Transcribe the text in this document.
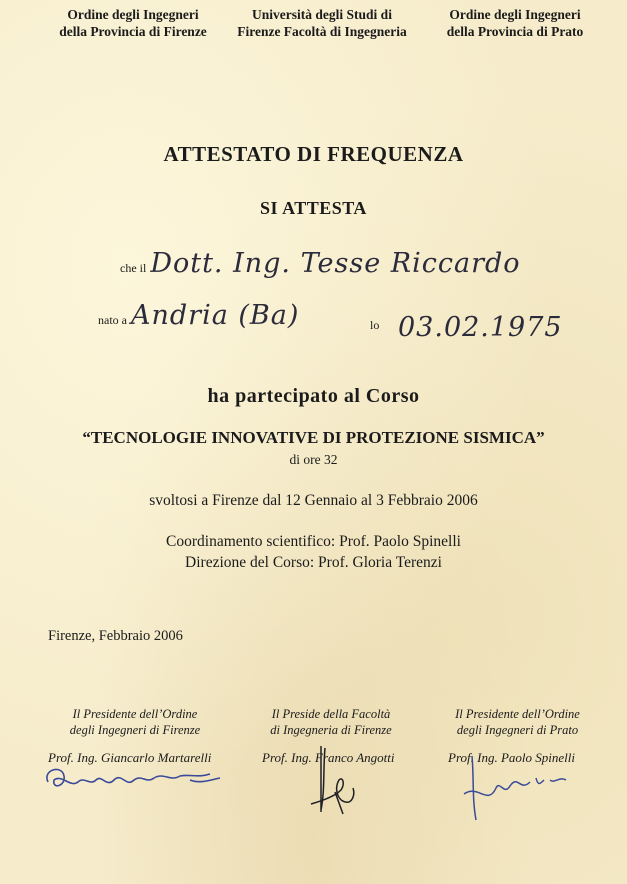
Ordine degli Ingegneri
della Provincia di Firenze
Università degli Studi di
Firenze Facoltà di Ingegneria
Ordine degli Ingegneri
della Provincia di Prato
ATTESTATO DI FREQUENZA
SI ATTESTA
che il Dott. Ing. Tesse Riccardo
nato a Andria (Ba)	lo 03.02.1975
ha partecipato al Corso
“TECNOLOGIE INNOVATIVE DI PROTEZIONE SISMICA”
di ore 32
svoltosi a Firenze dal 12 Gennaio al 3 Febbraio 2006
Coordinamento scientifico: Prof. Paolo Spinelli
Direzione del Corso: Prof. Gloria Terenzi
Firenze, Febbraio 2006
Il Presidente dell’Ordine
degli Ingegneri di Firenze
Il Preside della Facoltà
di Ingegneria di Firenze
Il Presidente dell’Ordine
degli Ingegneri di Prato
Prof. Ing. Giancarlo Martarelli	Prof. Ing. Franco Angotti	Prof. Ing. Paolo Spinelli
